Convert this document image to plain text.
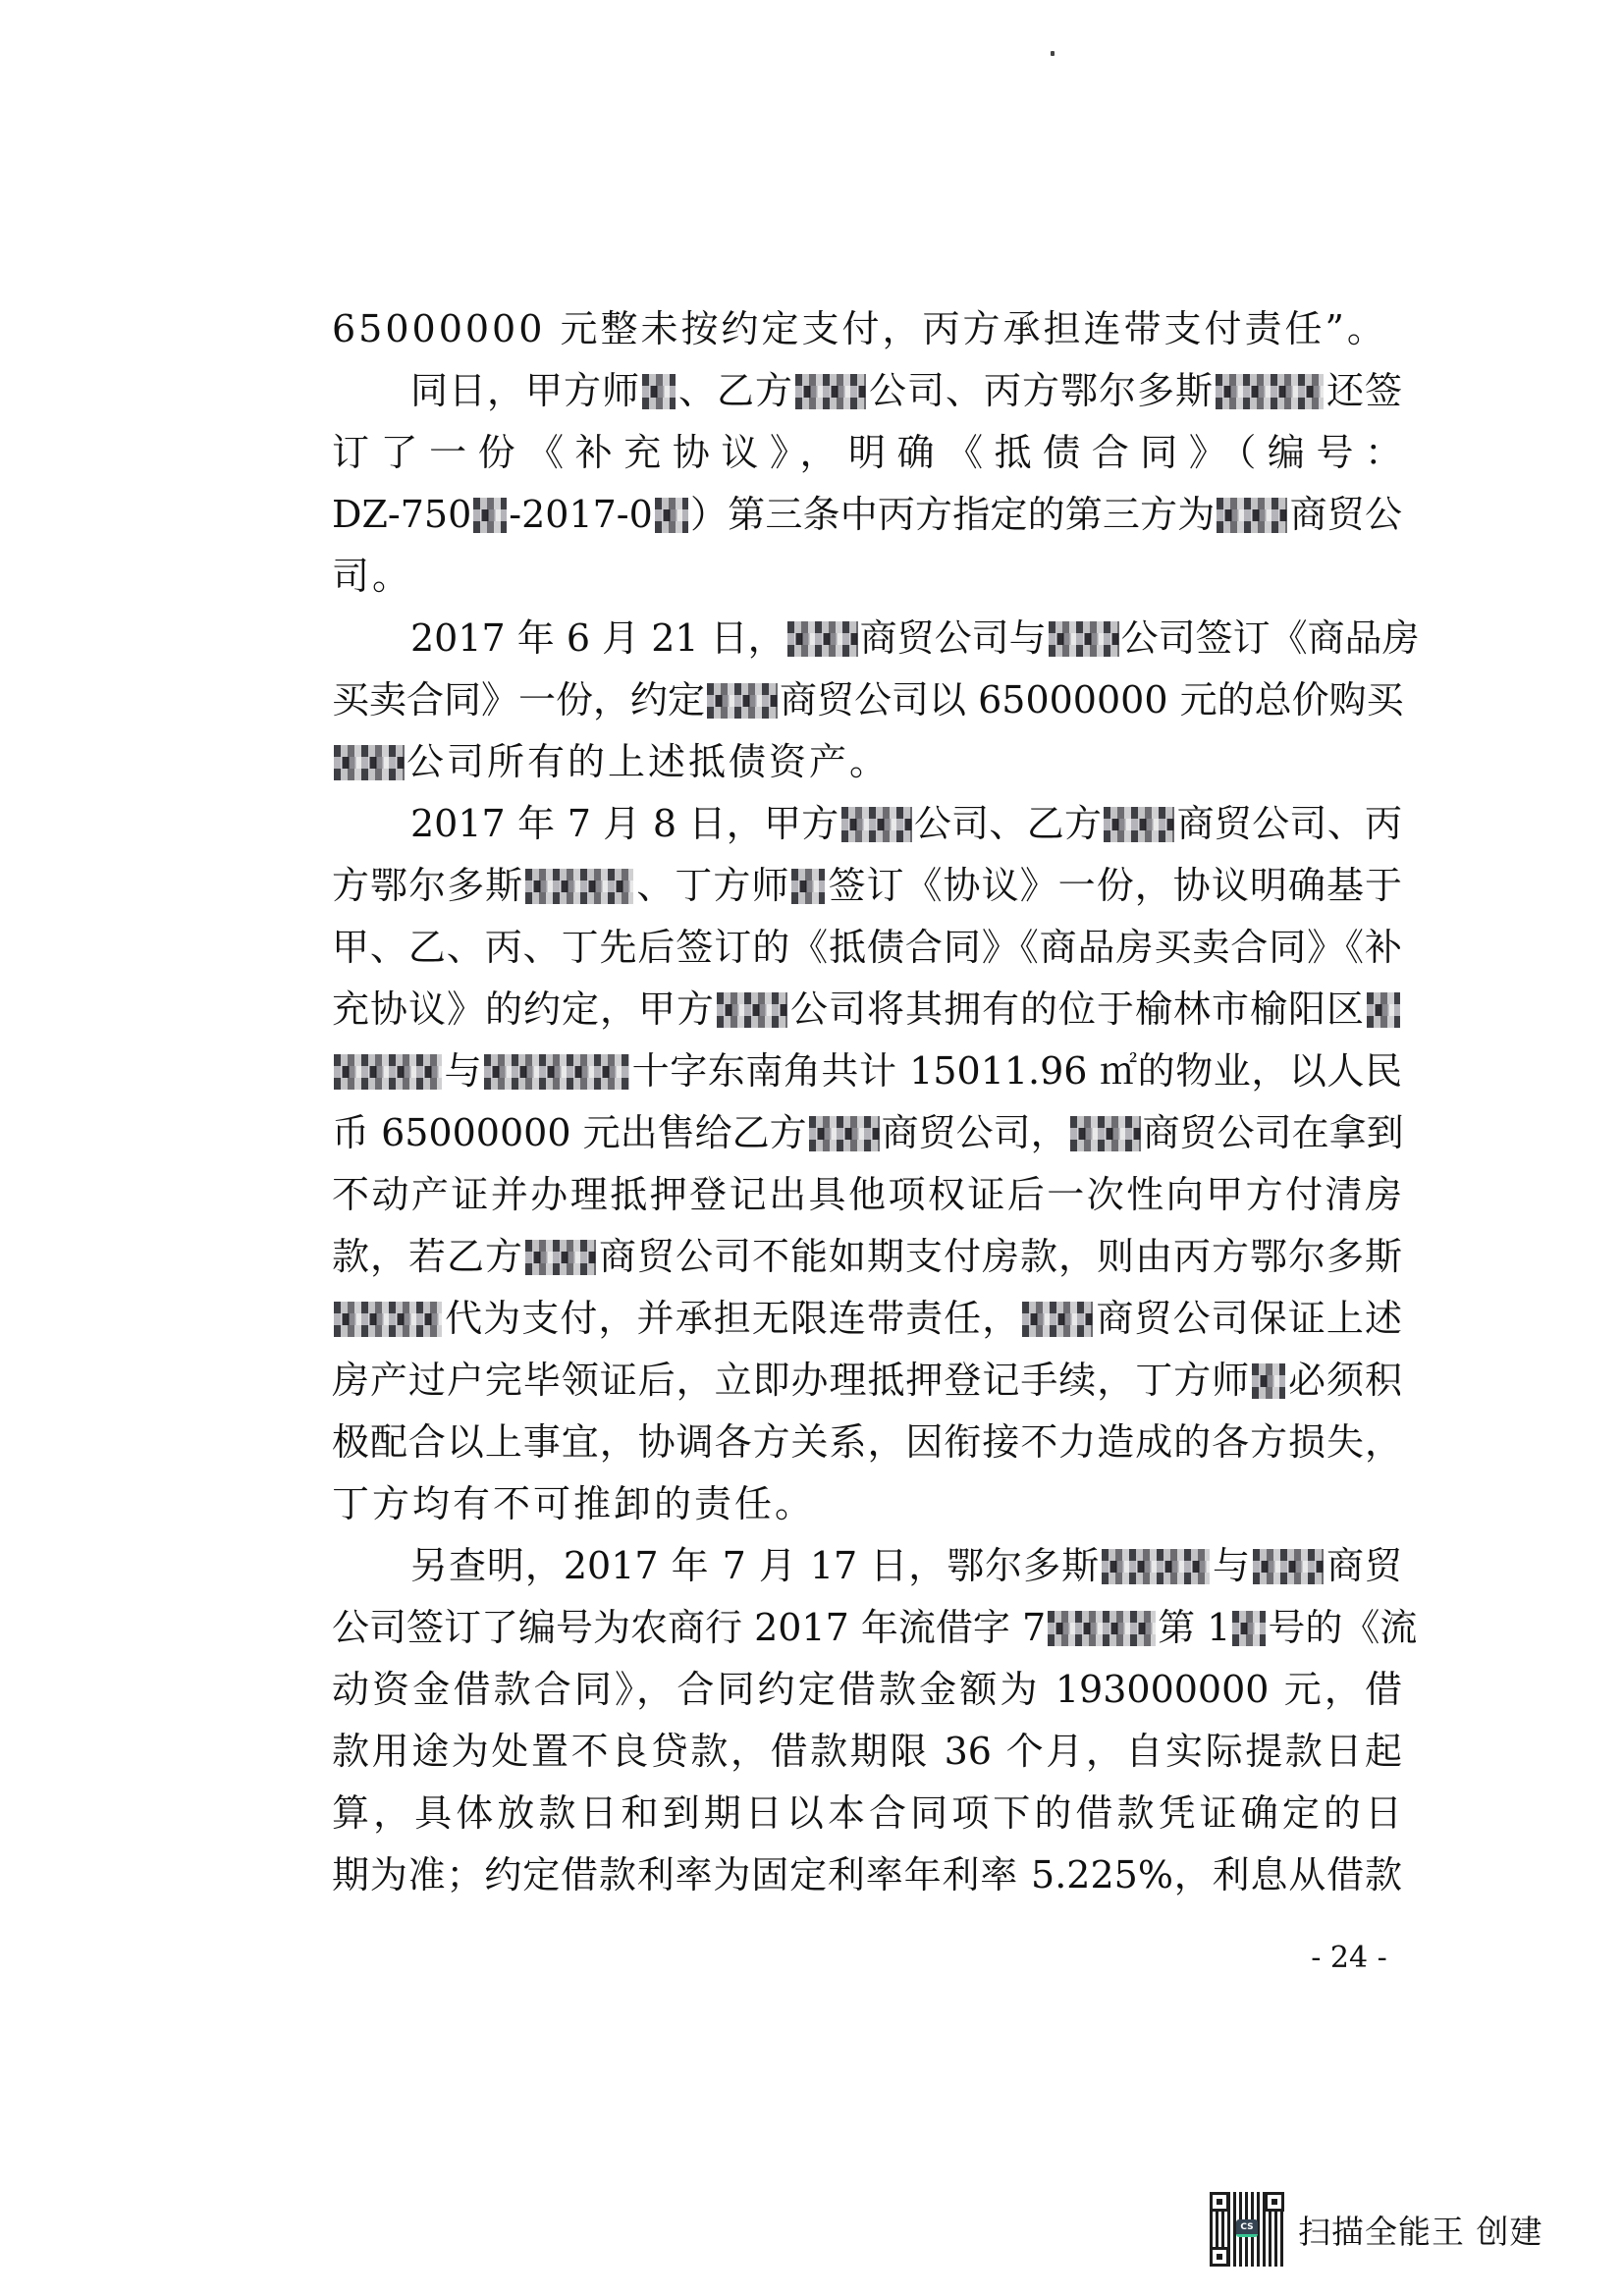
65000000 元整未按约定支付，丙方承担连带支付责任”。
同日，甲方师 、乙方 公司、丙方鄂尔多斯	还签
订了一份《补充协议》，明确《抵债合同》（编号：
DZ-750 -2017-0 ）第三条中丙方指定的第三方为 商贸公
司。
2017 年 6 月 21 日， 商贸公司与 公司签订《商品房
买卖合同》一份，约定 商贸公司以 65000000 元的总价购买
公司所有的上述抵债资产。
2017 年 7 月 8 日，甲方 公司、乙方 商贸公司、丙
方鄂尔多斯	、丁方师 签订《协议》一份，协议明确基于
甲、乙、丙、丁先后签订的《抵债合同》《商品房买卖合同》《补
充协议》的约定，甲方 公司将其拥有的位于榆林市榆阳区
与	十字东南角共计 15011.96 ㎡的物业，以人民
币 65000000 元出售给乙方 商贸公司， 商贸公司在拿到
不动产证并办理抵押登记出具他项权证后一次性向甲方付清房
款，若乙方 商贸公司不能如期支付房款，则由丙方鄂尔多斯
代为支付，并承担无限连带责任， 商贸公司保证上述
房产过户完毕领证后，立即办理抵押登记手续，丁方师 必须积
极配合以上事宜，协调各方关系，因衔接不力造成的各方损失，
丁方均有不可推卸的责任。
另查明，2017 年 7 月 17 日，鄂尔多斯	与 商贸
公司签订了编号为农商行 2017 年流借字 7	第 1 号的《流
动资金借款合同》，合同约定借款金额为 193000000 元，借
款用途为处置不良贷款，借款期限 36 个月，自实际提款日起
算，具体放款日和到期日以本合同项下的借款凭证确定的日
期为准；约定借款利率为固定利率年利率 5.225%，利息从借款
- 24 -
CS 扫描全能王 创建
